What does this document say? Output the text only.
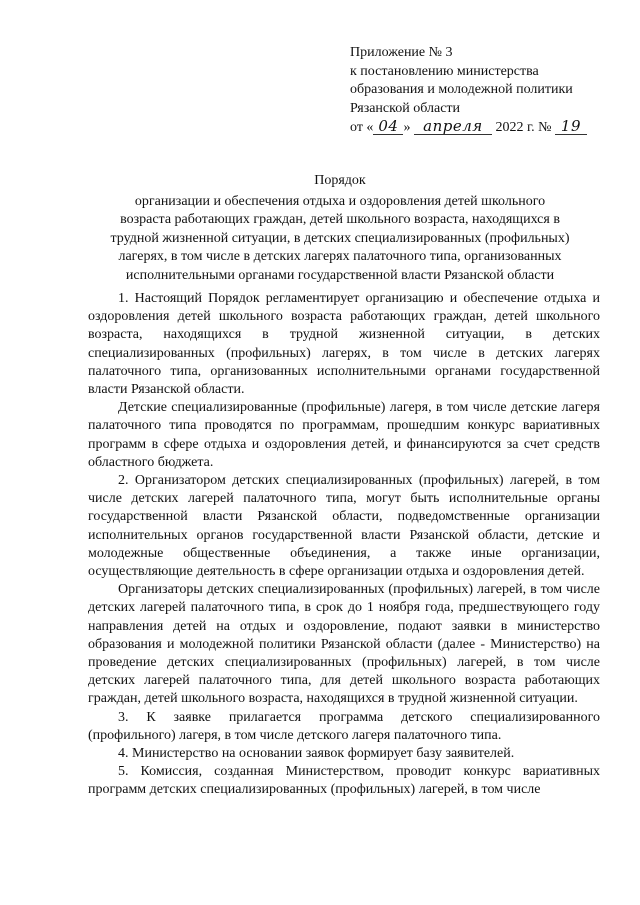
Приложение № 3
к постановлению министерства
образования и молодежной политики
Рязанской области
от « 04 » апреля 2022 г. № 19
Порядок
организации и обеспечения отдыха и оздоровления детей школьного
возраста работающих граждан, детей школьного возраста, находящихся в
трудной жизненной ситуации, в детских специализированных (профильных)
лагерях, в том числе в детских лагерях палаточного типа, организованных
исполнительными органами государственной власти Рязанской области

1. Настоящий Порядок регламентирует организацию и обеспечение отдыха и оздоровления детей школьного возраста работающих граждан, детей школьного возраста, находящихся в трудной жизненной ситуации, в детских специализированных (профильных) лагерях, в том числе в детских лагерях палаточного типа, организованных исполнительными органами государственной власти Рязанской области.

Детские специализированные (профильные) лагеря, в том числе детские лагеря палаточного типа проводятся по программам, прошедшим конкурс вариативных программ в сфере отдыха и оздоровления детей, и финансируются за счет средств областного бюджета.

2. Организатором детских специализированных (профильных) лагерей, в том числе детских лагерей палаточного типа, могут быть исполнительные органы государственной власти Рязанской области, подведомственные организации исполнительных органов государственной власти Рязанской области, детские и молодежные общественные объединения, а также иные организации, осуществляющие деятельность в сфере организации отдыха и оздоровления детей.

Организаторы детских специализированных (профильных) лагерей, в том числе детских лагерей палаточного типа, в срок до 1 ноября года, предшествующего году направления детей на отдых и оздоровление, подают заявки в министерство образования и молодежной политики Рязанской области (далее - Министерство) на проведение детских специализированных (профильных) лагерей, в том числе детских лагерей палаточного типа, для детей школьного возраста работающих граждан, детей школьного возраста, находящихся в трудной жизненной ситуации.

3. К заявке прилагается программа детского специализированного (профильного) лагеря, в том числе детского лагеря палаточного типа.

4. Министерство на основании заявок формирует базу заявителей.

5. Комиссия, созданная Министерством, проводит конкурс вариативных программ детских специализированных (профильных) лагерей, в том числе
